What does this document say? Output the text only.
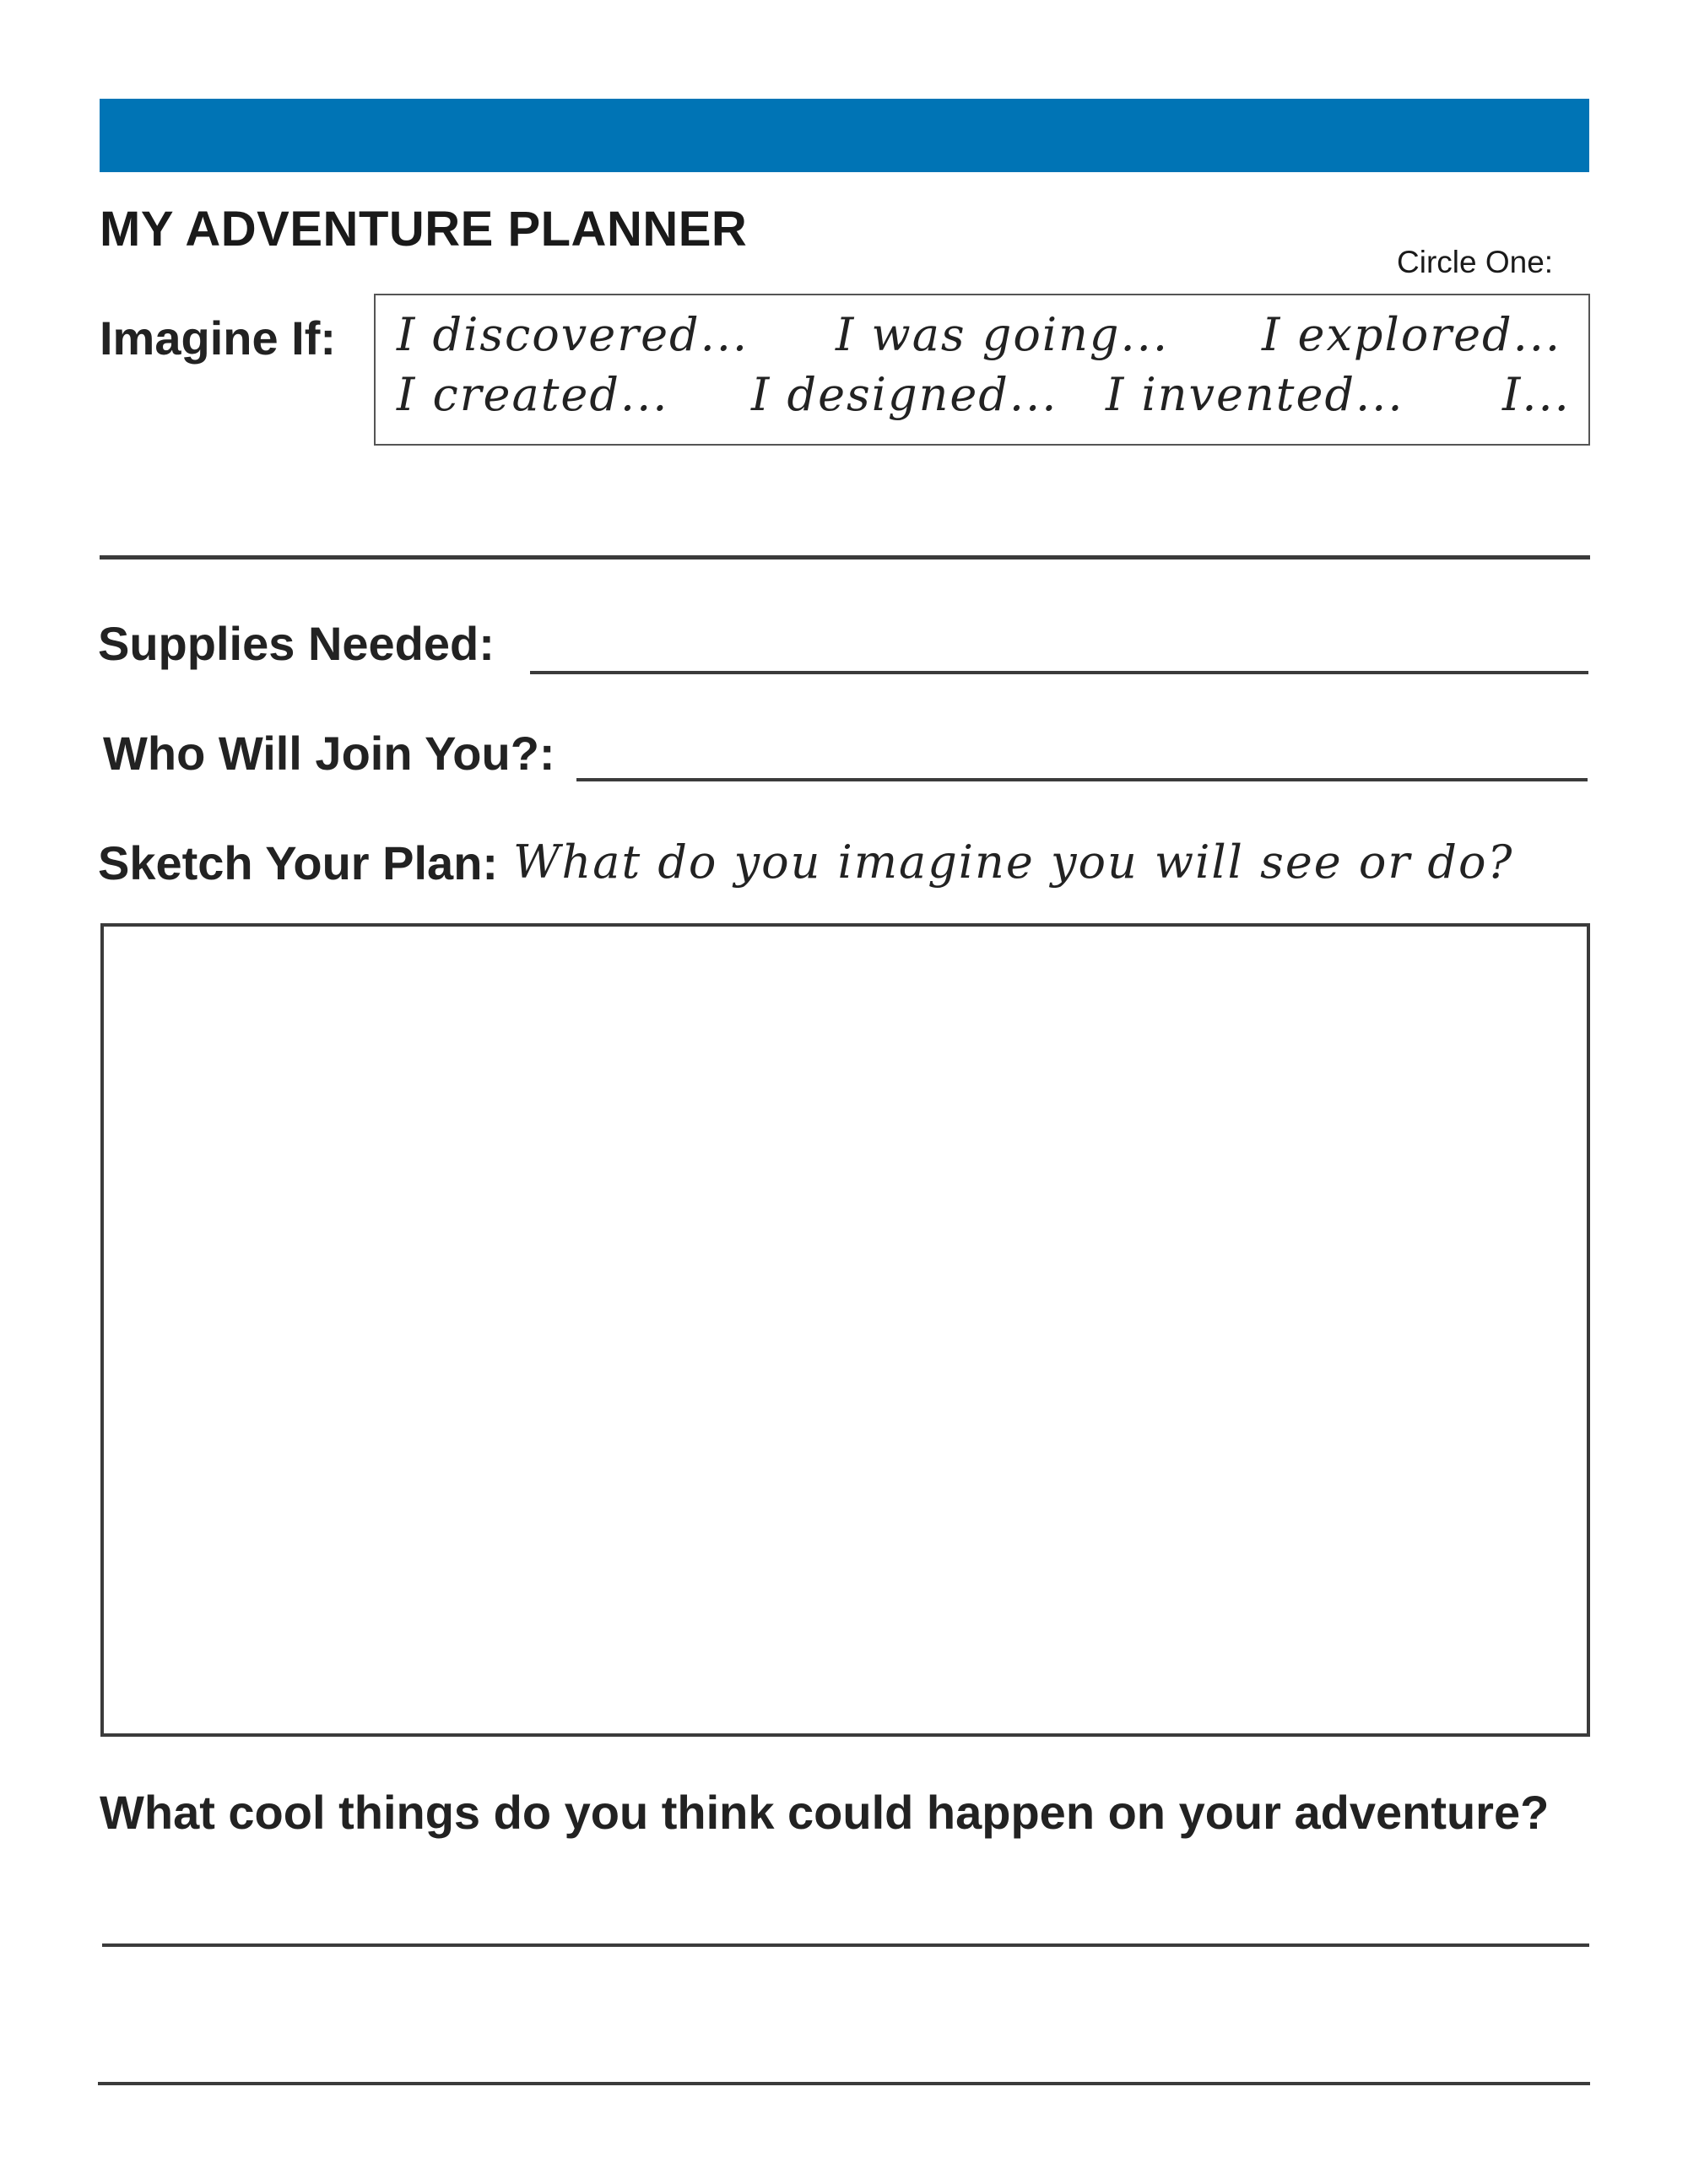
MY ADVENTURE PLANNER
Circle One:
Imagine If: I discovered... I was going... I explored...
I created... I designed... I invented... I...
Supplies Needed:
Who Will Join You?:
Sketch Your Plan: What do you imagine you will see or do?
What cool things do you think could happen on your adventure?
